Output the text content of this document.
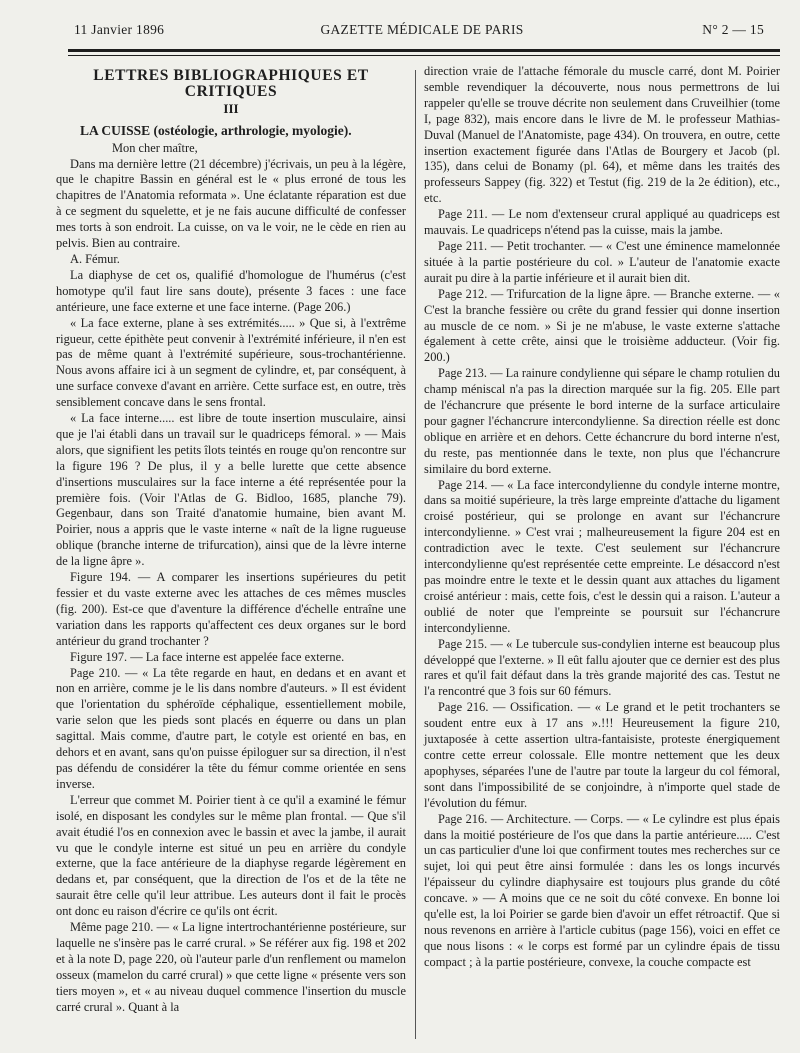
11 Janvier 1896	GAZETTE MÉDICALE DE PARIS	N° 2 — 15
LETTRES BIBLIOGRAPHIQUES ET CRITIQUES
III
LA CUISSE (ostéologie, arthrologie, myologie).

Mon cher maître,

Dans ma dernière lettre (21 décembre) j'écrivais, un peu à la légère, que le chapitre Bassin en général est le « plus erroné de tous les chapitres de l'Anatomia reformata ». Une éclatante réparation est due à ce segment du squelette, et je ne fais aucune difficulté de confesser mes torts à son endroit. La cuisse, on va le voir, ne le cède en rien au pelvis. Bien au contraire.

A. Fémur.

La diaphyse de cet os, qualifié d'homologue de l'humérus (c'est homotype qu'il faut lire sans doute), présente 3 faces : une face antérieure, une face externe et une face interne. (Page 206.)

« La face externe, plane à ses extrémités..... » Que si, à l'extrême rigueur, cette épithète peut convenir à l'extrémité inférieure, il n'en est pas de même quant à l'extrémité supérieure, sous-trochantérienne. Nous avons affaire ici à un segment de cylindre, et, par conséquent, à une surface convexe d'avant en arrière. Cette surface est, en outre, très sensiblement concave dans le sens frontal.

« La face interne..... est libre de toute insertion musculaire, ainsi que je l'ai établi dans un travail sur le quadriceps fémoral. » — Mais alors, que signifient les petits îlots teintés en rouge qu'on rencontre sur la figure 196 ? De plus, il y a belle lurette que cette absence d'insertions musculaires sur la face interne a été représentée pour la première fois. (Voir l'Atlas de G. Bidloo, 1685, planche 79). Gegenbaur, dans son Traité d'anatomie humaine, bien avant M. Poirier, nous a appris que le vaste interne « naît de la ligne rugueuse oblique (branche interne de trifurcation), ainsi que de la lèvre interne de la ligne âpre ».

Figure 194. — A comparer les insertions supérieures du petit fessier et du vaste externe avec les attaches de ces mêmes muscles (fig. 200). Est-ce que d'aventure la différence d'échelle entraîne une variation dans les rapports qu'affectent ces deux organes sur le bord antérieur du grand trochanter ?

Figure 197. — La face interne est appelée face externe.

Page 210. — « La tête regarde en haut, en dedans et en avant et non en arrière, comme je le lis dans nombre d'auteurs. » Il est évident que l'orientation du sphéroïde céphalique, essentiellement mobile, varie selon que les pieds sont placés en équerre ou dans un plan sagittal. Mais comme, d'autre part, le cotyle est orienté en bas, en dehors et en avant, sans qu'on puisse épiloguer sur sa direction, il n'est pas défendu de considérer la tête du fémur comme orientée en sens inverse.

L'erreur que commet M. Poirier tient à ce qu'il a examiné le fémur isolé, en disposant les condyles sur le même plan frontal. — Que s'il avait étudié l'os en connexion avec le bassin et avec la jambe, il aurait vu que le condyle interne est situé un peu en arrière du condyle externe, que la face antérieure de la diaphyse regarde légèrement en dedans et, par conséquent, que la direction de l'os et de la tête ne saurait être celle qu'il leur attribue. Les auteurs dont il fait le procès ont donc eu raison d'écrire ce qu'ils ont écrit.

Même page 210. — « La ligne intertrochantérienne postérieure, sur laquelle ne s'insère pas le carré crural. » Se référer aux fig. 198 et 202 et à la note D, page 220, où l'auteur parle d'un renflement ou mamelon osseux (mamelon du carré crural) » que cette ligne « présente vers son tiers moyen », et « au niveau duquel commence l'insertion du muscle carré crural ». Quant à la

direction vraie de l'attache fémorale du muscle carré, dont M. Poirier semble revendiquer la découverte, nous nous permettrons de lui rappeler qu'elle se trouve décrite non seulement dans Cruveilhier (tome I, page 832), mais encore dans le livre de M. le professeur Mathias-Duval (Manuel de l'Anatomiste, page 434). On trouvera, en outre, cette insertion exactement figurée dans l'Atlas de Bourgery et Jacob (pl. 135), dans celui de Bonamy (pl. 64), et même dans les traités des professeurs Sappey (fig. 322) et Testut (fig. 219 de la 2e édition), etc., etc.

Page 211. — Le nom d'extenseur crural appliqué au quadriceps est mauvais. Le quadriceps n'étend pas la cuisse, mais la jambe.

Page 211. — Petit trochanter. — « C'est une éminence mamelonnée située à la partie postérieure du col. » L'auteur de l'anatomie exacte aurait pu dire à la partie inférieure et il aurait bien dit.

Page 212. — Trifurcation de la ligne âpre. — Branche externe. — « C'est la branche fessière ou crête du grand fessier qui donne insertion au muscle de ce nom. » Si je ne m'abuse, le vaste externe s'attache également à cette crête, ainsi que le troisième adducteur. (Voir fig. 200.)

Page 213. — La rainure condylienne qui sépare le champ rotulien du champ méniscal n'a pas la direction marquée sur la fig. 205. Elle part de l'échancrure que présente le bord interne de la surface articulaire pour gagner l'échancrure intercondylienne. Sa direction réelle est donc oblique en arrière et en dehors. Cette échancrure du bord interne n'est, du reste, pas mentionnée dans le texte, non plus que l'échancrure similaire du bord externe.

Page 214. — « La face intercondylienne du condyle interne montre, dans sa moitié supérieure, la très large empreinte d'attache du ligament croisé postérieur, qui se prolonge en avant sur l'échancrure intercondylienne. » C'est vrai ; malheureusement la figure 204 est en contradiction avec le texte. C'est seulement sur l'échancrure intercondylienne qu'est représentée cette empreinte. Le désaccord n'est pas moindre entre le texte et le dessin quant aux attaches du ligament croisé antérieur : mais, cette fois, c'est le dessin qui a raison. L'auteur a oublié de noter que l'empreinte se poursuit sur l'échancrure intercondylienne.

Page 215. — « Le tubercule sus-condylien interne est beaucoup plus développé que l'externe. » Il eût fallu ajouter que ce dernier est des plus rares et qu'il fait défaut dans la très grande majorité des cas. Testut ne l'a rencontré que 3 fois sur 60 fémurs.

Page 216. — Ossification. — « Le grand et le petit trochanters se soudent entre eux à 17 ans ».!!! Heureusement la figure 210, juxtaposée à cette assertion ultra-fantaisiste, proteste énergiquement contre cette erreur colossale. Elle montre nettement que les deux apophyses, séparées l'une de l'autre par toute la largeur du col fémoral, sont dans l'impossibilité de se conjoindre, à n'importe quel stade de l'évolution du fémur.

Page 216. — Architecture. — Corps. — « Le cylindre est plus épais dans la moitié postérieure de l'os que dans la partie antérieure..... C'est un cas particulier d'une loi que confirment toutes mes recherches sur ce sujet, loi qui peut être ainsi formulée : dans les os longs incurvés l'épaisseur du cylindre diaphysaire est toujours plus grande du côté concave. » — A moins que ce ne soit du côté convexe. En bonne loi qu'elle est, la loi Poirier se garde bien d'avoir un effet rétroactif. Que si nous revenons en arrière à l'article cubitus (page 156), voici en effet ce que nous lisons : « le corps est formé par un cylindre épais de tissu compact ; à la partie postérieure, convexe, la couche compacte est
